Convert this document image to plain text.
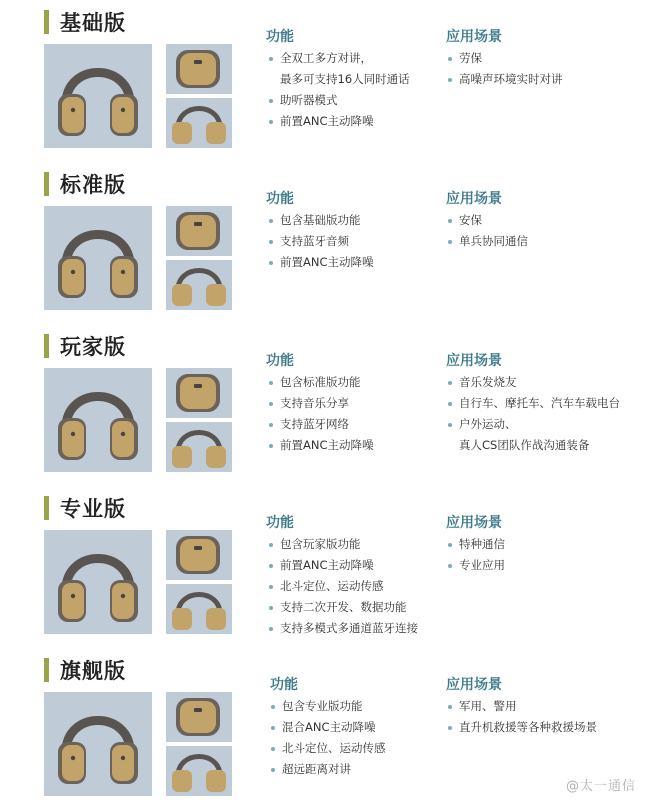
基础版
功能
全双工多方对讲，
最多可支持16人同时通话
助听器模式
前置ANC主动降噪
应用场景
劳保
高噪声环境实时对讲
标准版
功能
包含基础版功能
支持蓝牙音频
前置ANC主动降噪
应用场景
安保
单兵协同通信
玩家版
功能
包含标准版功能
支持音乐分享
支持蓝牙网络
前置ANC主动降噪
应用场景
音乐发烧友
自行车、摩托车、汽车车载电台
户外运动、
真人CS团队作战沟通装备
专业版
功能
包含玩家版功能
前置ANC主动降噪
北斗定位、运动传感
支持二次开发、数据功能
支持多模式多通道蓝牙连接
应用场景
特种通信
专业应用
旗舰版
功能
包含专业版功能
混合ANC主动降噪
北斗定位、运动传感
超远距离对讲
应用场景
军用、警用
直升机救援等各种救援场景
@太一通信
